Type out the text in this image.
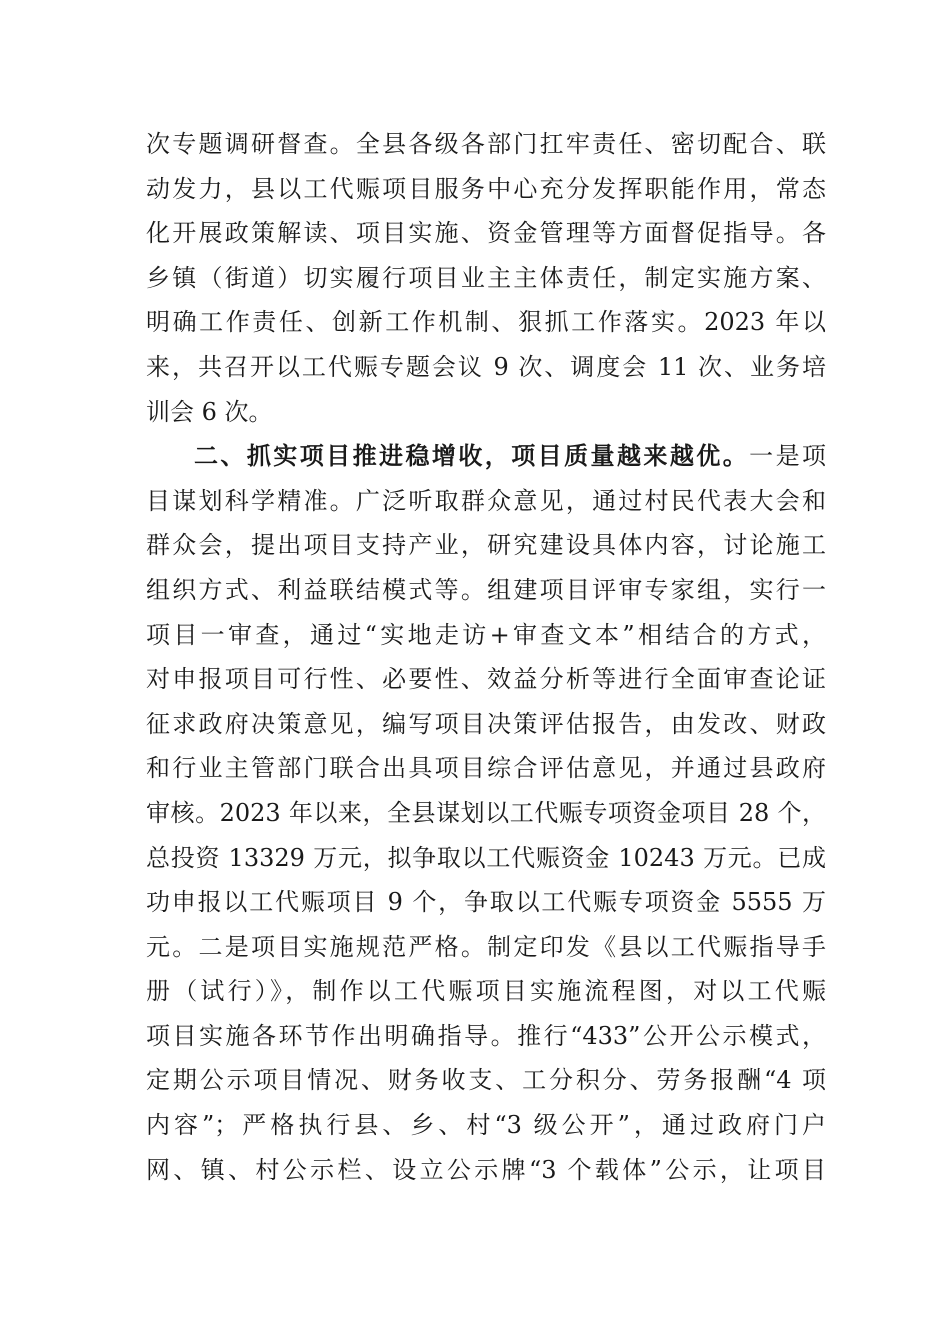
次专题调研督查。全县各级各部门扛牢责任、密切配合、联
动发力，县以工代赈项目服务中心充分发挥职能作用，常态
化开展政策解读、项目实施、资金管理等方面督促指导。各
乡镇（街道）切实履行项目业主主体责任，制定实施方案、
明确工作责任、创新工作机制、狠抓工作落实。2023 年以
来，共召开以工代赈专题会议 9 次、调度会 11 次、业务培
训会 6 次。
二、抓实项目推进稳增收，项目质量越来越优。一是项
目谋划科学精准。广泛听取群众意见，通过村民代表大会和
群众会，提出项目支持产业，研究建设具体内容，讨论施工
组织方式、利益联结模式等。组建项目评审专家组，实行一
项目一审查，通过“实地走访+审查文本”相结合的方式，
对申报项目可行性、必要性、效益分析等进行全面审查论证
征求政府决策意见，编写项目决策评估报告，由发改、财政
和行业主管部门联合出具项目综合评估意见，并通过县政府
审核。2023 年以来，全县谋划以工代赈专项资金项目 28 个，
总投资 13329 万元，拟争取以工代赈资金 10243 万元。已成
功申报以工代赈项目 9 个，争取以工代赈专项资金 5555 万
元。二是项目实施规范严格。制定印发《县以工代赈指导手
册（试行）》，制作以工代赈项目实施流程图，对以工代赈
项目实施各环节作出明确指导。推行“433”公开公示模式，
定期公示项目情况、财务收支、工分积分、劳务报酬“4 项
内容”；严格执行县、乡、村“3 级公开”，通过政府门户
网、镇、村公示栏、设立公示牌“3 个载体”公示，让项目
